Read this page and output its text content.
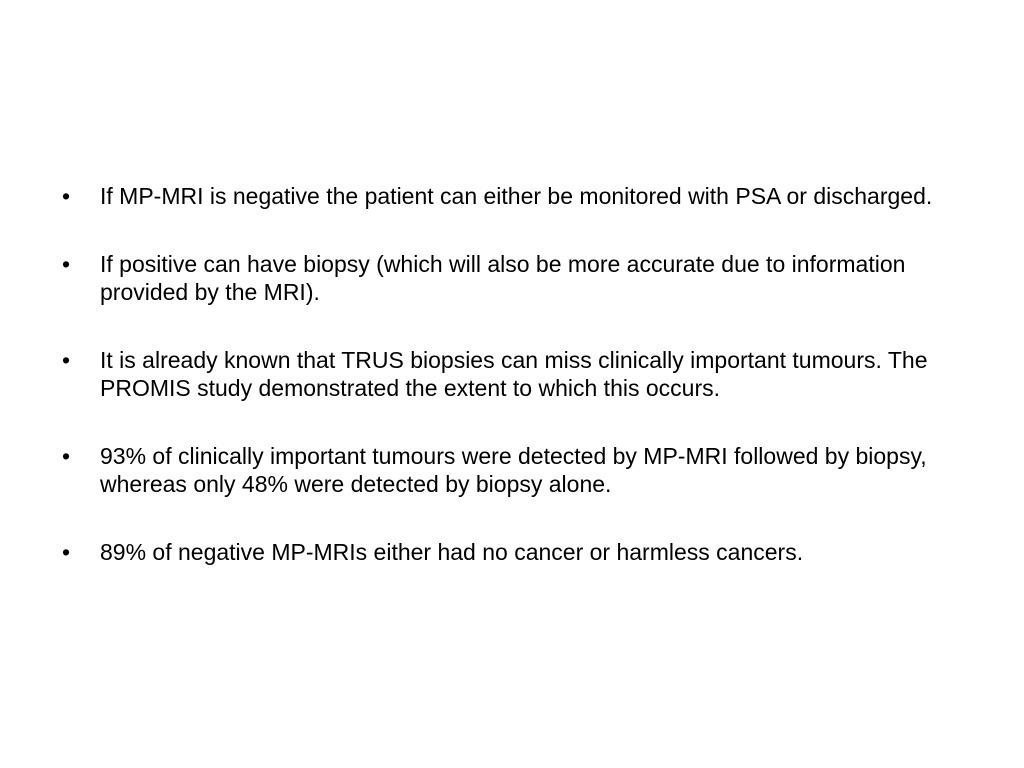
•	If MP-MRI is negative the patient can either be monitored with PSA or discharged.
•	If positive can have biopsy (which will also be more accurate due to information provided by the MRI).
•	It is already known that TRUS biopsies can miss clinically important tumours. The PROMIS study demonstrated the extent to which this occurs.
•	93% of clinically important tumours were detected by MP-MRI followed by biopsy, whereas only 48% were detected by biopsy alone.
•	89% of negative MP-MRIs either had no cancer or harmless cancers.
